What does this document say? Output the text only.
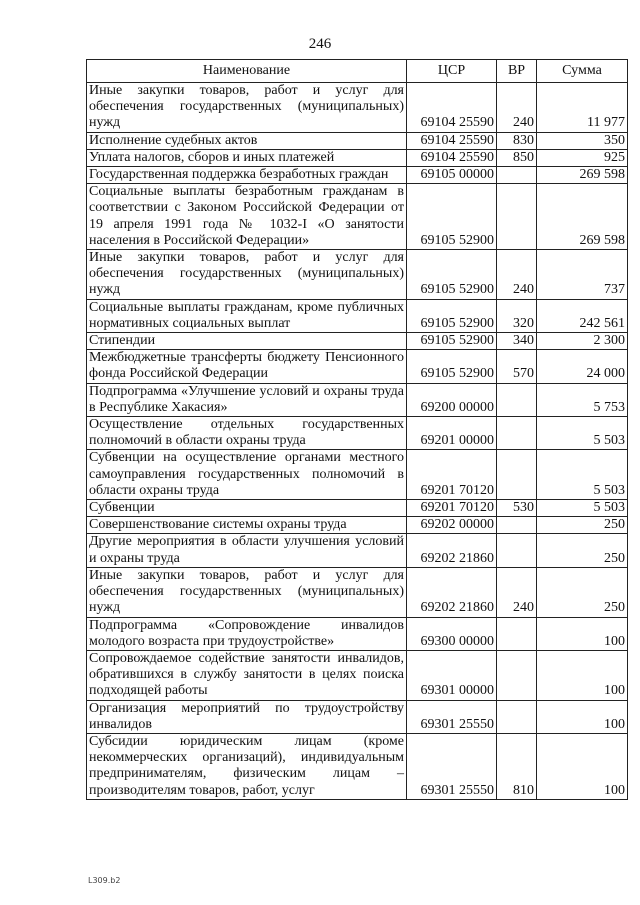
246
Наименование	ЦСР	ВР	Сумма
Иные закупки товаров, работ и услуг для обеспечения государственных (муниципальных) нужд	69104 25590	240	11 977
Исполнение судебных актов	69104 25590	830	350
Уплата налогов, сборов и иных платежей	69104 25590	850	925
Государственная поддержка безработных граждан	69105 00000		269 598
Социальные выплаты безработным гражданам в соответствии с Законом Российской Федерации от 19 апреля 1991 года № 1032-I «О занятости населения в Российской Федерации»	69105 52900		269 598
Иные закупки товаров, работ и услуг для обеспечения государственных (муниципальных) нужд	69105 52900	240	737
Социальные выплаты гражданам, кроме публичных нормативных социальных выплат	69105 52900	320	242 561
Стипендии	69105 52900	340	2 300
Межбюджетные трансферты бюджету Пенсионного фонда Российской Федерации	69105 52900	570	24 000
Подпрограмма «Улучшение условий и охраны труда в Республике Хакасия»	69200 00000		5 753
Осуществление отдельных государственных полномочий в области охраны труда	69201 00000		5 503
Субвенции на осуществление органами местного самоуправления государственных полномочий в области охраны труда	69201 70120		5 503
Субвенции	69201 70120	530	5 503
Совершенствование системы охраны труда	69202 00000		250
Другие мероприятия в области улучшения условий и охраны труда	69202 21860		250
Иные закупки товаров, работ и услуг для обеспечения государственных (муниципальных) нужд	69202 21860	240	250
Подпрограмма «Сопровождение инвалидов молодого возраста при трудоустройстве»	69300 00000		100
Сопровождаемое содействие занятости инвалидов, обратившихся в службу занятости в целях поиска подходящей работы	69301 00000		100
Организация мероприятий по трудоустройству инвалидов	69301 25550		100
Субсидии юридическим лицам (кроме некоммерческих организаций), индивидуальным предпринимателям, физическим лицам – производителям товаров, работ, услуг	69301 25550	810	100
L309.b2
